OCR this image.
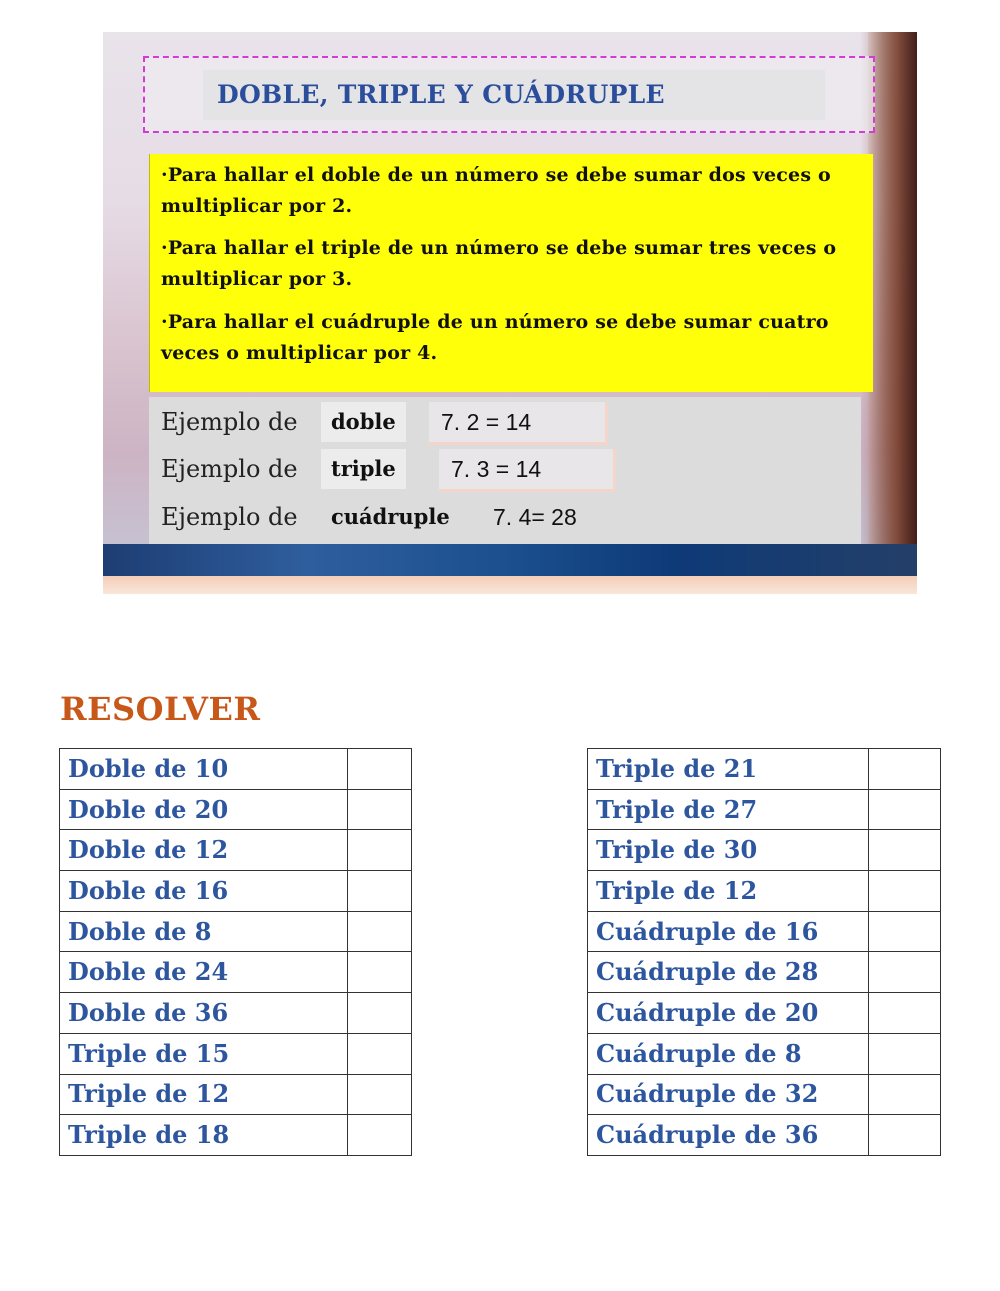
DOBLE, TRIPLE Y CUÁDRUPLE
·Para hallar el doble de un número se debe sumar dos veces o multiplicar por 2.
·Para hallar el triple de un número se debe sumar tres veces o multiplicar por 3.
·Para hallar el cuádruple de un número se debe sumar cuatro veces o multiplicar por 4.
Ejemplo de	doble	7. 2 = 14
Ejemplo de	triple	7. 3 = 14
Ejemplo de	cuádruple	7. 4= 28
RESOLVER
Doble de 10	

Doble de 20	

Doble de 12	

Doble de 16	

Doble de 8	

Doble de 24	

Doble de 36	

Triple de 15	

Triple de 12	

Triple de 18	

Triple de 21	

Triple de 27	

Triple de 30	

Triple de 12	

Cuádruple de 16	

Cuádruple de 28	

Cuádruple de 20	

Cuádruple de 8	

Cuádruple de 32	

Cuádruple de 36	
